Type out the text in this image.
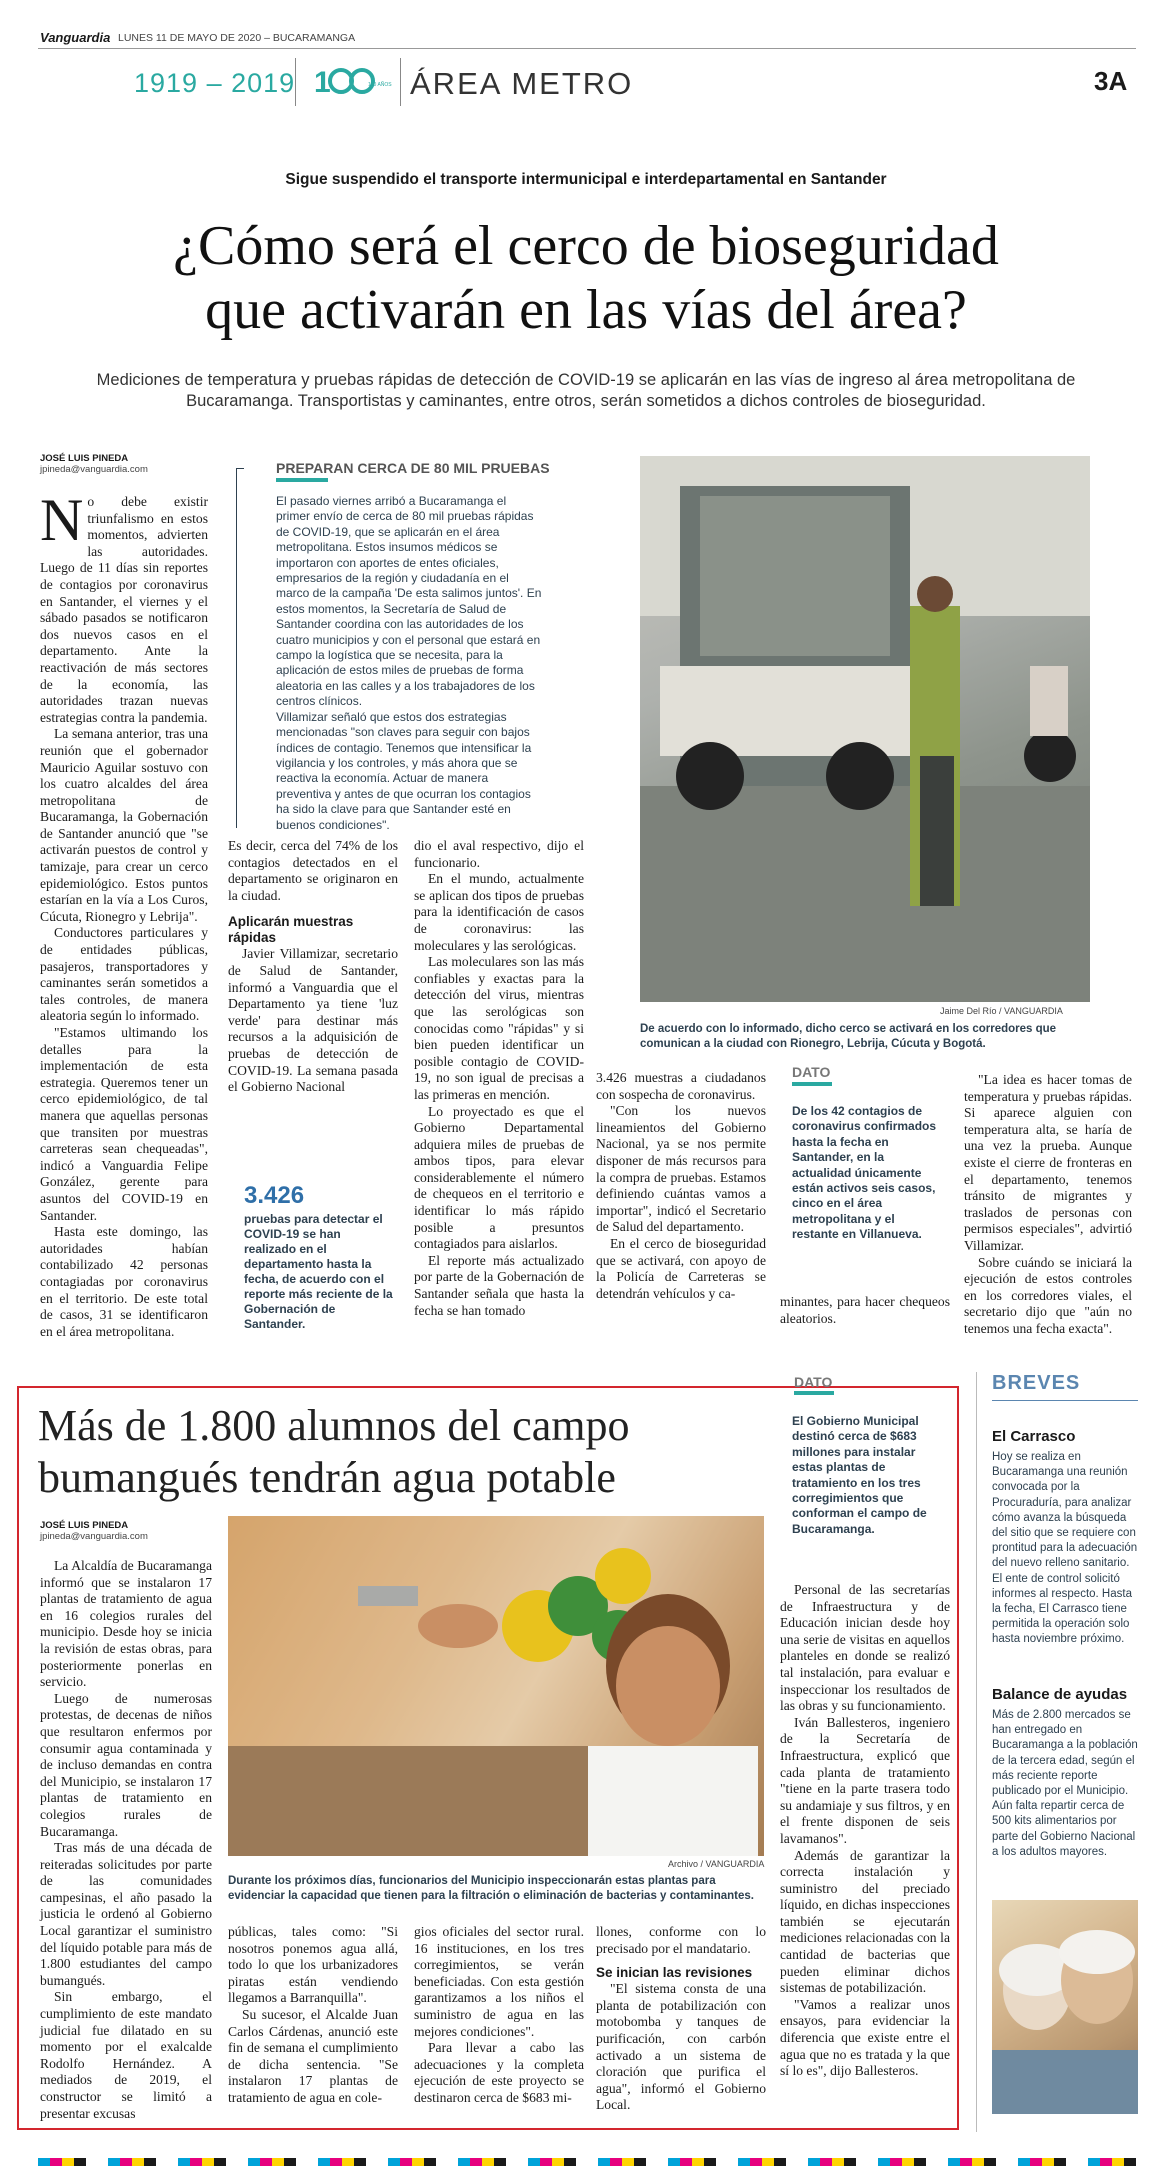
Vanguardia LUNES 11 DE MAYO DE 2020 – BUCARAMANGA
1919 – 2019 1	100 AÑOS ÁREA METRO	3A
Sigue suspendido el transporte intermunicipal e interdepartamental en Santander
¿Cómo será el cerco de bioseguridad
que activarán en las vías del área?
Mediciones de temperatura y pruebas rápidas de detección de COVID-19 se aplicarán en las vías de ingreso al área metropolitana de
Bucaramanga. Transportistas y caminantes, entre otros, serán sometidos a dichos controles de bioseguridad.
JOSÉ LUIS PINEDA
jpineda@vanguardia.com

No debe existir triunfalismo en estos momentos, advierten las autoridades. Luego de 11 días sin reportes de contagios por coronavirus en Santander, el viernes y el sábado pasados se notificaron dos nuevos casos en el departamento. Ante la reactivación de más sectores de la economía, las autoridades trazan nuevas estrategias contra la pandemia.

La semana anterior, tras una reunión que el gobernador Mauricio Aguilar sostuvo con los cuatro alcaldes del área metropolitana de Bucaramanga, la Gobernación de Santander anunció que "se activarán puestos de control y tamizaje, para crear un cerco epidemiológico. Estos puntos estarían en la vía a Los Curos, Cúcuta, Rionegro y Lebrija".

Conductores particulares y de entidades públicas, pasajeros, transportadores y caminantes serán sometidos a tales controles, de manera aleatoria según lo informado.

"Estamos ultimando los detalles para la implementación de esta estrategia. Queremos tener un cerco epidemiológico, de tal manera que aquellas personas que transiten por muestras carreteras sean chequeadas", indicó a Vanguardia Felipe González, gerente para asuntos del COVID-19 en Santander.

Hasta este domingo, las autoridades habían contabilizado 42 personas contagiadas por coronavirus en el territorio. De este total de casos, 31 se identificaron en el área metropolitana.

PREPARAN CERCA DE 80 MIL PRUEBAS

El pasado viernes arribó a Bucaramanga el primer envío de cerca de 80 mil pruebas rápidas de COVID-19, que se aplicarán en el área metropolitana. Estos insumos médicos se importaron con aportes de entes oficiales, empresarios de la región y ciudadanía en el marco de la campaña 'De esta salimos juntos'. En estos momentos, la Secretaría de Salud de Santander coordina con las autoridades de los cuatro municipios y con el personal que estará en campo la logística que se necesita, para la aplicación de estos miles de pruebas de forma aleatoria en las calles y a los trabajadores de los centros clínicos.

Villamizar señaló que estos dos estrategias mencionadas "son claves para seguir con bajos índices de contagio. Tenemos que intensificar la vigilancia y los controles, y más ahora que se reactiva la economía. Actuar de manera preventiva y antes de que ocurran los contagios ha sido la clave para que Santander esté en buenos condiciones".

Es decir, cerca del 74% de los contagios detectados en el departamento se originaron en la ciudad.

Aplicarán muestras rápidas

Javier Villamizar, secretario de Salud de Santander, informó a Vanguardia que el Departamento ya tiene 'luz verde' para destinar más recursos a la adquisición de pruebas de detección de COVID-19. La semana pasada el Gobierno Nacional

3.426
pruebas para detectar el COVID-19 se han realizado en el departamento hasta la fecha, de acuerdo con el reporte más reciente de la Gobernación de Santander.

dio el aval respectivo, dijo el funcionario.

En el mundo, actualmente se aplican dos tipos de pruebas para la identificación de casos de coronavirus: las moleculares y las serológicas.

Las moleculares son las más confiables y exactas para la detección del virus, mientras que las serológicas son conocidas como "rápidas" y si bien pueden identificar un posible contagio de COVID-19, no son igual de precisas a las primeras en mención.

Lo proyectado es que el Gobierno Departamental adquiera miles de pruebas de ambos tipos, para elevar considerablemente el número de chequeos en el territorio e identificar lo más rápido posible a presuntos contagiados para aislarlos.

El reporte más actualizado por parte de la Gobernación de Santander señala que hasta la fecha se han tomado

Jaime Del Río / VANGUARDIA
De acuerdo con lo informado, dicho cerco se activará en los corredores que comunican a la ciudad con Rionegro, Lebrija, Cúcuta y Bogotá.

3.426 muestras a ciudadanos con sospecha de coronavirus.

"Con los nuevos lineamientos del Gobierno Nacional, ya se nos permite disponer de más recursos para la compra de pruebas. Estamos definiendo cuántas vamos a importar", indicó el Secretario de Salud del departamento.

En el cerco de bioseguridad que se activará, con apoyo de la Policía de Carreteras se detendrán vehículos y ca-

DATO
De los 42 contagios de coronavirus confirmados hasta la fecha en Santander, en la actualidad únicamente están activos seis casos, cinco en el área metropolitana y el restante en Villanueva.

minantes, para hacer chequeos aleatorios.

"La idea es hacer tomas de temperatura y pruebas rápidas. Si aparece alguien con temperatura alta, se haría de una vez la prueba. Aunque existe el cierre de fronteras en el departamento, tenemos tránsito de migrantes y traslados de personas con permisos especiales", advirtió Villamizar.

Sobre cuándo se iniciará la ejecución de estos controles en los corredores viales, el secretario dijo que "aún no tenemos una fecha exacta".

Más de 1.800 alumnos del campo
bumangués tendrán agua potable
JOSÉ LUIS PINEDA
jpineda@vanguardia.com

La Alcaldía de Bucaramanga informó que se instalaron 17 plantas de tratamiento de agua en 16 colegios rurales del municipio. Desde hoy se inicia la revisión de estas obras, para posteriormente ponerlas en servicio.

Luego de numerosas protestas, de decenas de niños que resultaron enfermos por consumir agua contaminada y de incluso demandas en contra del Municipio, se instalaron 17 plantas de tratamiento en colegios rurales de Bucaramanga.

Tras más de una década de reiteradas solicitudes por parte de las comunidades campesinas, el año pasado la justicia le ordenó al Gobierno Local garantizar el suministro del líquido potable para más de 1.800 estudiantes del campo bumangués.

Sin embargo, el cumplimiento de este mandato judicial fue dilatado en su momento por el exalcalde Rodolfo Hernández. A mediados de 2019, el constructor se limitó a presentar excusas

Archivo / VANGUARDIA
Durante los próximos días, funcionarios del Municipio inspeccionarán estas plantas para evidenciar la capacidad que tienen para la filtración o eliminación de bacterias y contaminantes.

públicas, tales como: "Si nosotros ponemos agua allá, todo lo que los urbanizadores piratas están vendiendo llegamos a Barranquilla".

Su sucesor, el Alcalde Juan Carlos Cárdenas, anunció este fin de semana el cumplimiento de dicha sentencia. "Se instalaron 17 plantas de tratamiento de agua en cole-

gios oficiales del sector rural. 16 instituciones, en los tres corregimientos, se verán beneficiadas. Con esta gestión garantizamos a los niños el suministro de agua en las mejores condiciones".

Para llevar a cabo las adecuaciones y la completa ejecución de este proyecto se destinaron cerca de $683 mi-

llones, conforme con lo precisado por el mandatario.

Se inician las revisiones

"El sistema consta de una planta de potabilización con motobomba y tanques de purificación, con carbón activado a un sistema de cloración que purifica el agua", informó el Gobierno Local.

DATO
El Gobierno Municipal destinó cerca de $683 millones para instalar estas plantas de tratamiento en los tres corregimientos que conforman el campo de Bucaramanga.

Personal de las secretarías de Infraestructura y de Educación inician desde hoy una serie de visitas en aquellos planteles en donde se realizó tal instalación, para evaluar e inspeccionar los resultados de las obras y su funcionamiento.

Iván Ballesteros, ingeniero de la Secretaría de Infraestructura, explicó que cada planta de tratamiento "tiene en la parte trasera todo su andamiaje y sus filtros, y en el frente disponen de seis lavamanos".

Además de garantizar la correcta instalación y suministro del preciado líquido, en dichas inspecciones también se ejecutarán mediciones relacionadas con la cantidad de bacterias que pueden eliminar dichos sistemas de potabilización.

"Vamos a realizar unos ensayos, para evidenciar la diferencia que existe entre el agua que no es tratada y la que sí lo es", dijo Ballesteros.

BREVES
El Carrasco
Hoy se realiza en Bucaramanga una reunión convocada por la Procuraduría, para analizar cómo avanza la búsqueda del sitio que se requiere con prontitud para la adecuación del nuevo relleno sanitario. El ente de control solicitó informes al respecto. Hasta la fecha, El Carrasco tiene permitida la operación solo hasta noviembre próximo.
Balance de ayudas
Más de 2.800 mercados se han entregado en Bucaramanga a la población de la tercera edad, según el más reciente reporte publicado por el Municipio. Aún falta repartir cerca de 500 kits alimentarios por parte del Gobierno Nacional a los adultos mayores.
